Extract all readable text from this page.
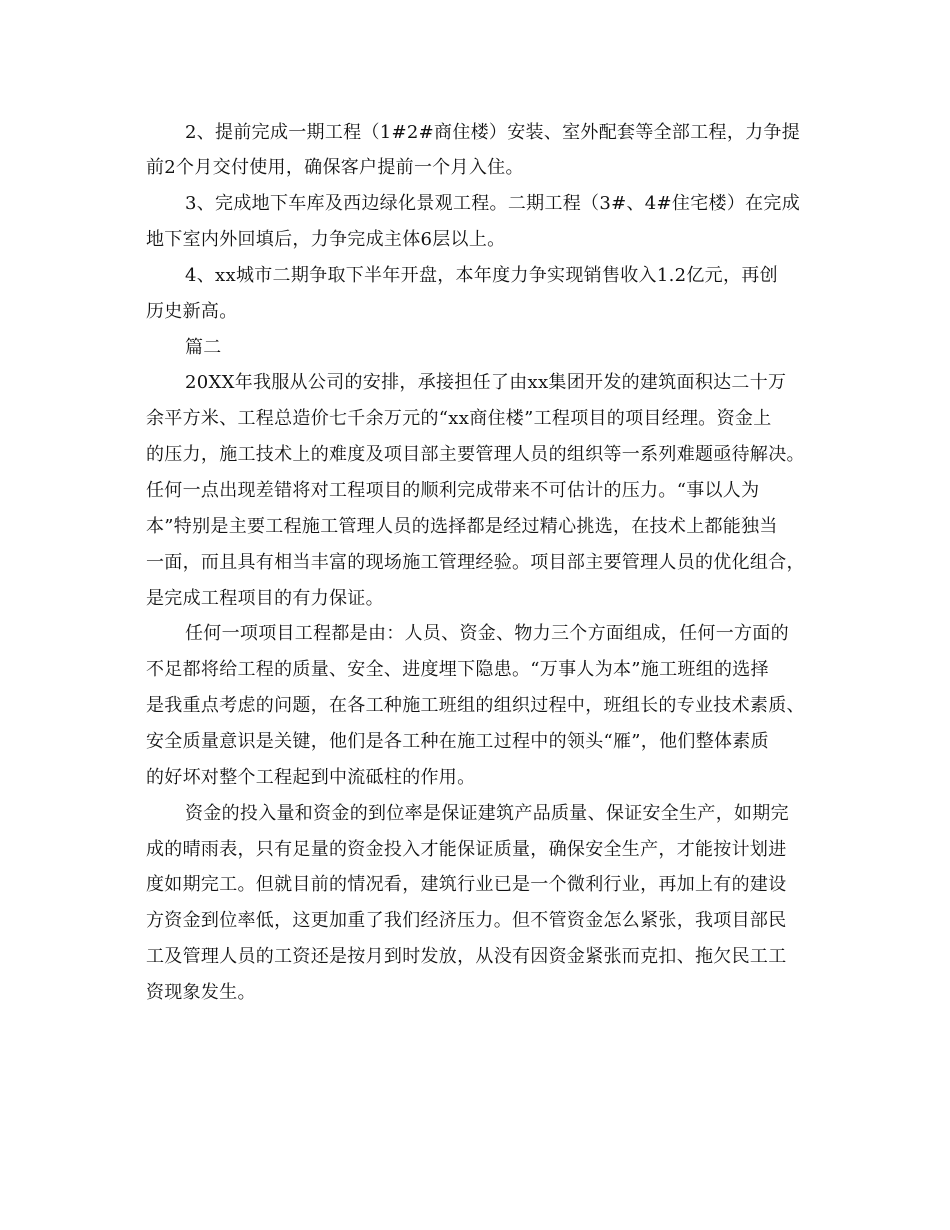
2、提前完成一期工程（1#2#商住楼）安装、室外配套等全部工程，力争提
前2个月交付使用，确保客户提前一个月入住。
3、完成地下车库及西边绿化景观工程。二期工程（3#、4#住宅楼）在完成
地下室内外回填后，力争完成主体6层以上。
4、xx城市二期争取下半年开盘，本年度力争实现销售收入1.2亿元，再创
历史新高。
篇二
20XX年我服从公司的安排，承接担任了由xx集团开发的建筑面积达二十万
余平方米、工程总造价七千余万元的“xx商住楼”工程项目的项目经理。资金上
的压力，施工技术上的难度及项目部主要管理人员的组织等一系列难题亟待解决。
任何一点出现差错将对工程项目的顺利完成带来不可估计的压力。“事以人为
本”特别是主要工程施工管理人员的选择都是经过精心挑选，在技术上都能独当
一面，而且具有相当丰富的现场施工管理经验。项目部主要管理人员的优化组合，
是完成工程项目的有力保证。
任何一项项目工程都是由：人员、资金、物力三个方面组成，任何一方面的
不足都将给工程的质量、安全、进度埋下隐患。“万事人为本”施工班组的选择
是我重点考虑的问题，在各工种施工班组的组织过程中，班组长的专业技术素质、
安全质量意识是关键，他们是各工种在施工过程中的领头“雁”，他们整体素质
的好坏对整个工程起到中流砥柱的作用。
资金的投入量和资金的到位率是保证建筑产品质量、保证安全生产，如期完
成的晴雨表，只有足量的资金投入才能保证质量，确保安全生产，才能按计划进
度如期完工。但就目前的情况看，建筑行业已是一个微利行业，再加上有的建设
方资金到位率低，这更加重了我们经济压力。但不管资金怎么紧张，我项目部民
工及管理人员的工资还是按月到时发放，从没有因资金紧张而克扣、拖欠民工工
资现象发生。
